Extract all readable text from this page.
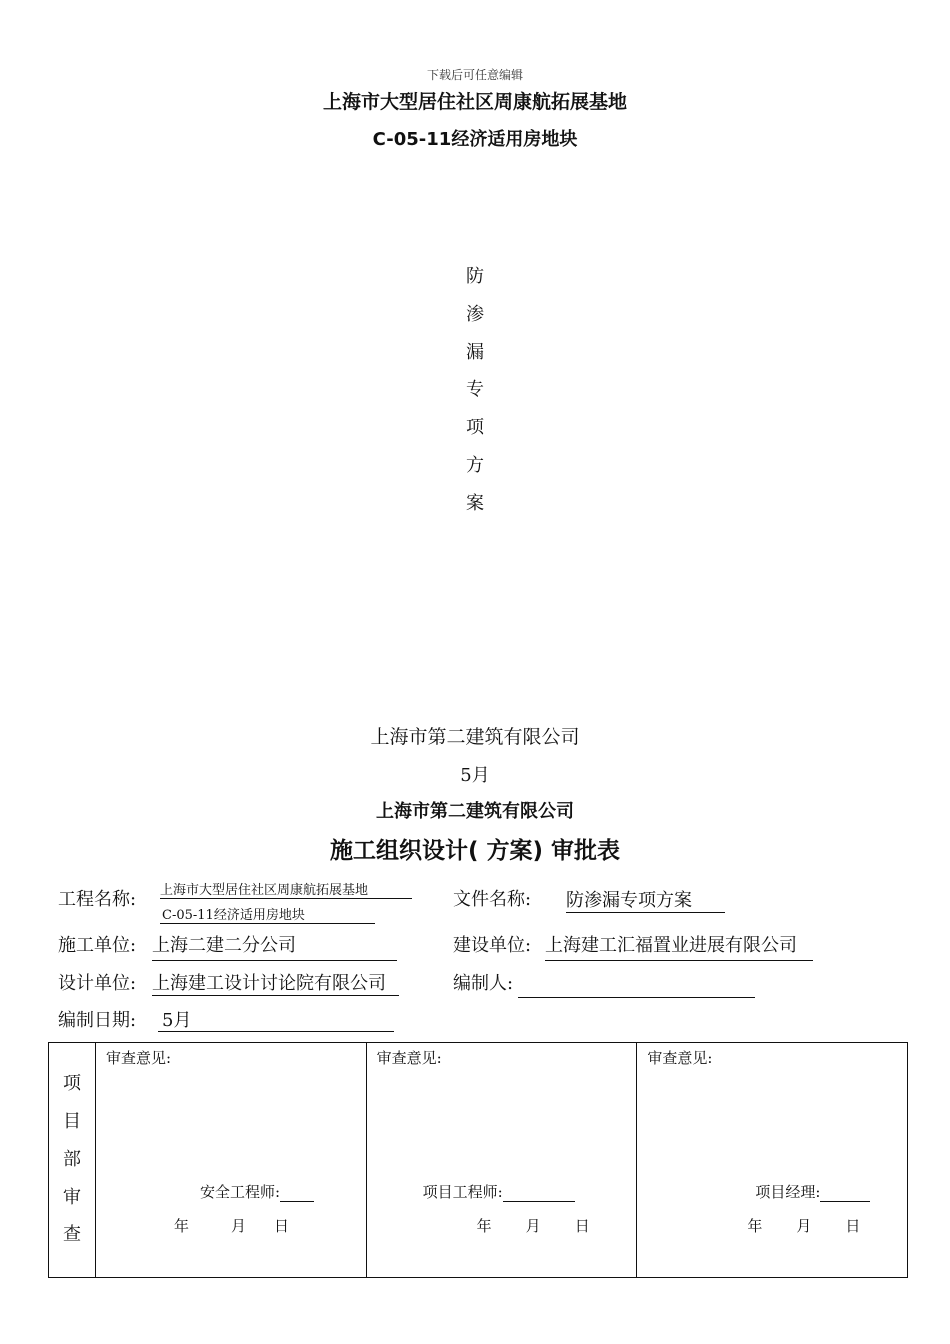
下载后可任意编辑
上海市大型居住社区周康航拓展基地
C-05-11经济适用房地块
防
渗
漏
专
项
方
案
上海市第二建筑有限公司
5月
上海市第二建筑有限公司
施工组织设计( 方案) 审批表
工程名称: 上海市大型居住社区周康航拓展基地
C-05-11经济适用房地块
文件名称: 防渗漏专项方案
施工单位: 上海二建二分公司	建设单位: 上海建工汇福置业进展有限公司
设计单位: 上海建工设计讨论院有限公司	编制人:
编制日期: 5月
项
目
部
审
查

审查意见:
安全工程师:
年	月 日

审查意见:
项目工程师:
年 月 日

审查意见:
项目经理:
年 月 日
